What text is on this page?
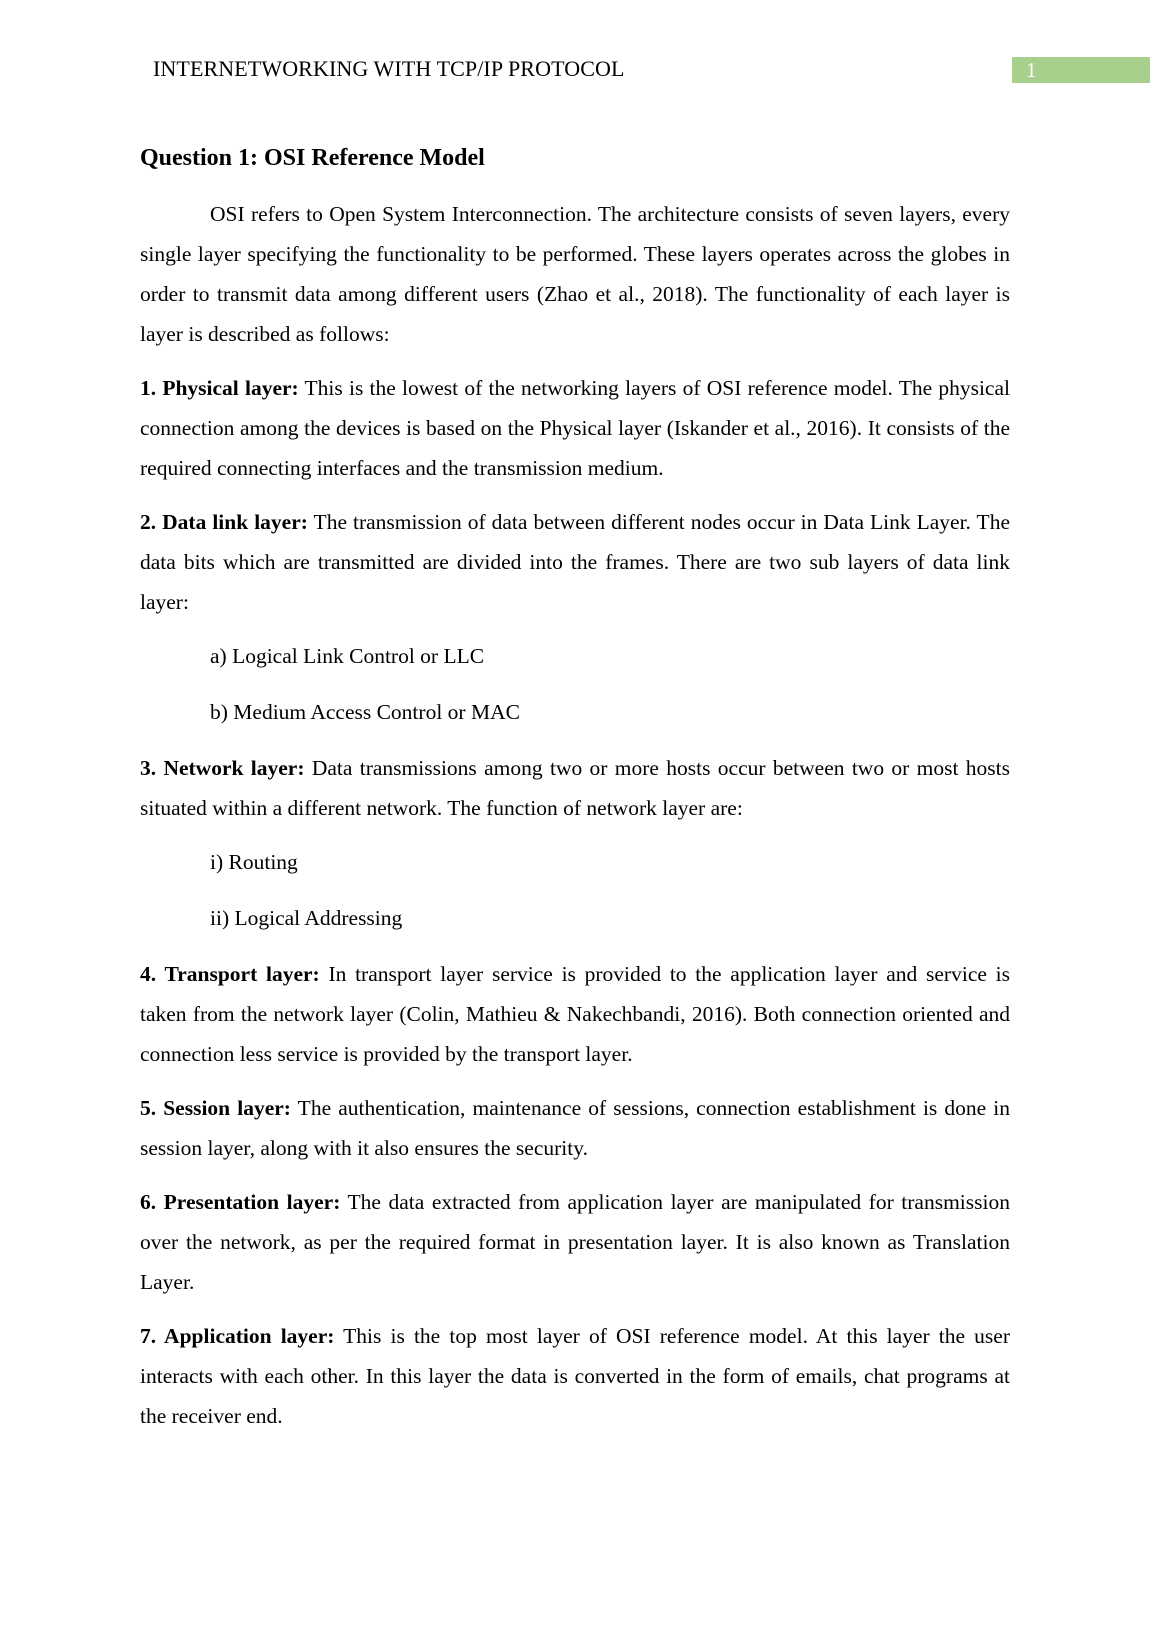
INTERNETWORKING WITH TCP/IP PROTOCOL	1
Question 1: OSI Reference Model

OSI refers to Open System Interconnection. The architecture consists of seven layers, every single layer specifying the functionality to be performed. These layers operates across the globes in order to transmit data among different users (Zhao et al., 2018). The functionality of each layer is layer is described as follows:

1. Physical layer: This is the lowest of the networking layers of OSI reference model. The physical connection among the devices is based on the Physical layer (Iskander et al., 2016). It consists of the required connecting interfaces and the transmission medium.

2. Data link layer: The transmission of data between different nodes occur in Data Link Layer. The data bits which are transmitted are divided into the frames. There are two sub layers of data link layer:

a) Logical Link Control or LLC

b) Medium Access Control or MAC

3. Network layer: Data transmissions among two or more hosts occur between two or most hosts situated within a different network. The function of network layer are:

i) Routing

ii) Logical Addressing

4. Transport layer: In transport layer service is provided to the application layer and service is taken from the network layer (Colin, Mathieu & Nakechbandi, 2016). Both connection oriented and connection less service is provided by the transport layer.

5. Session layer: The authentication, maintenance of sessions, connection establishment is done in session layer, along with it also ensures the security.

6. Presentation layer: The data extracted from application layer are manipulated for transmission over the network, as per the required format in presentation layer. It is also known as Translation Layer.

7. Application layer: This is the top most layer of OSI reference model. At this layer the user interacts with each other. In this layer the data is converted in the form of emails, chat programs at the receiver end.
